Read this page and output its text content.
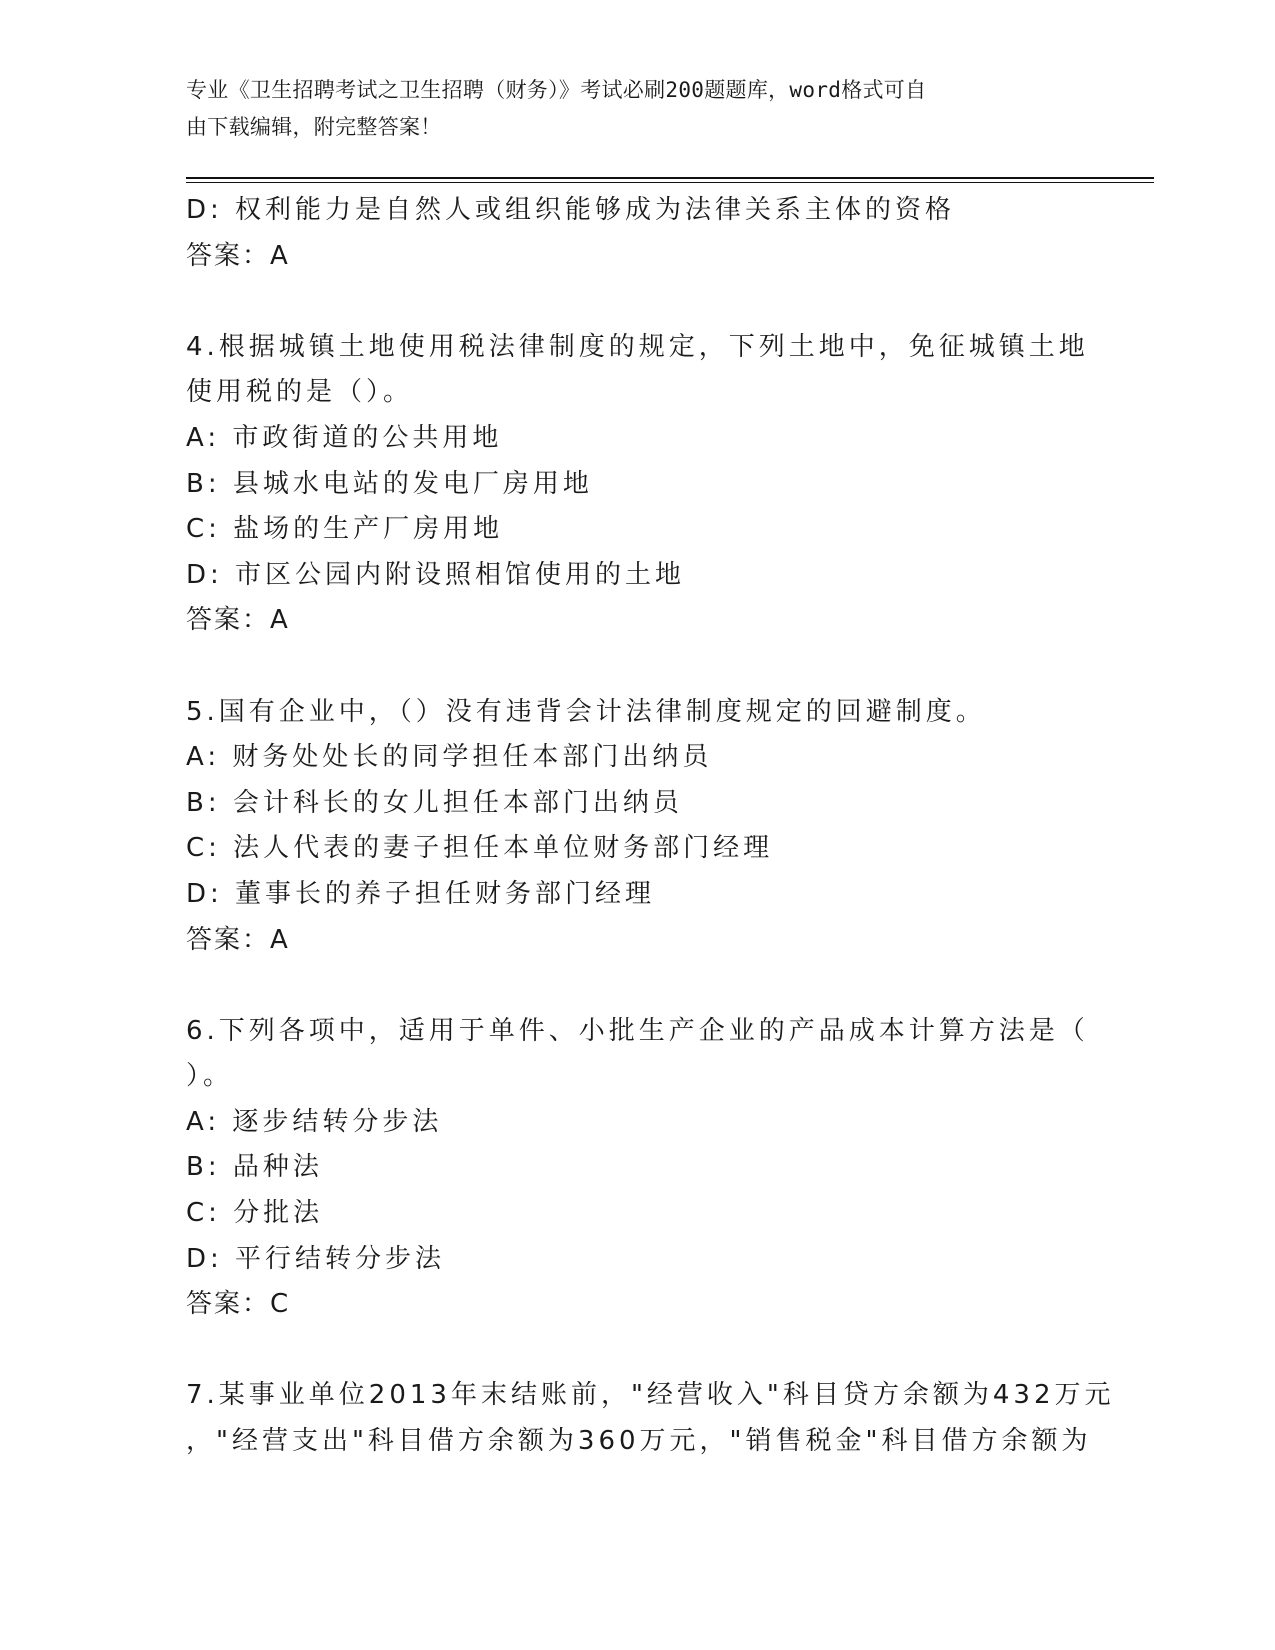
专业《卫生招聘考试之卫生招聘（财务）》考试必刷200题题库，word格式可自
由下载编辑，附完整答案！
D: 权利能力是自然人或组织能够成为法律关系主体的资格
答案：A
4.根据城镇土地使用税法律制度的规定，下列土地中，免征城镇土地
使用税的是（）。
A: 市政街道的公共用地
B: 县城水电站的发电厂房用地
C: 盐场的生产厂房用地
D: 市区公园内附设照相馆使用的土地
答案：A
5.国有企业中，（）没有违背会计法律制度规定的回避制度。
A: 财务处处长的同学担任本部门出纳员
B: 会计科长的女儿担任本部门出纳员
C: 法人代表的妻子担任本单位财务部门经理
D: 董事长的养子担任财务部门经理
答案：A
6.下列各项中，适用于单件、小批生产企业的产品成本计算方法是（
）。
A: 逐步结转分步法
B: 品种法
C: 分批法
D: 平行结转分步法
答案：C
7.某事业单位2013年末结账前，"经营收入"科目贷方余额为432万元
，"经营支出"科目借方余额为360万元，"销售税金"科目借方余额为
